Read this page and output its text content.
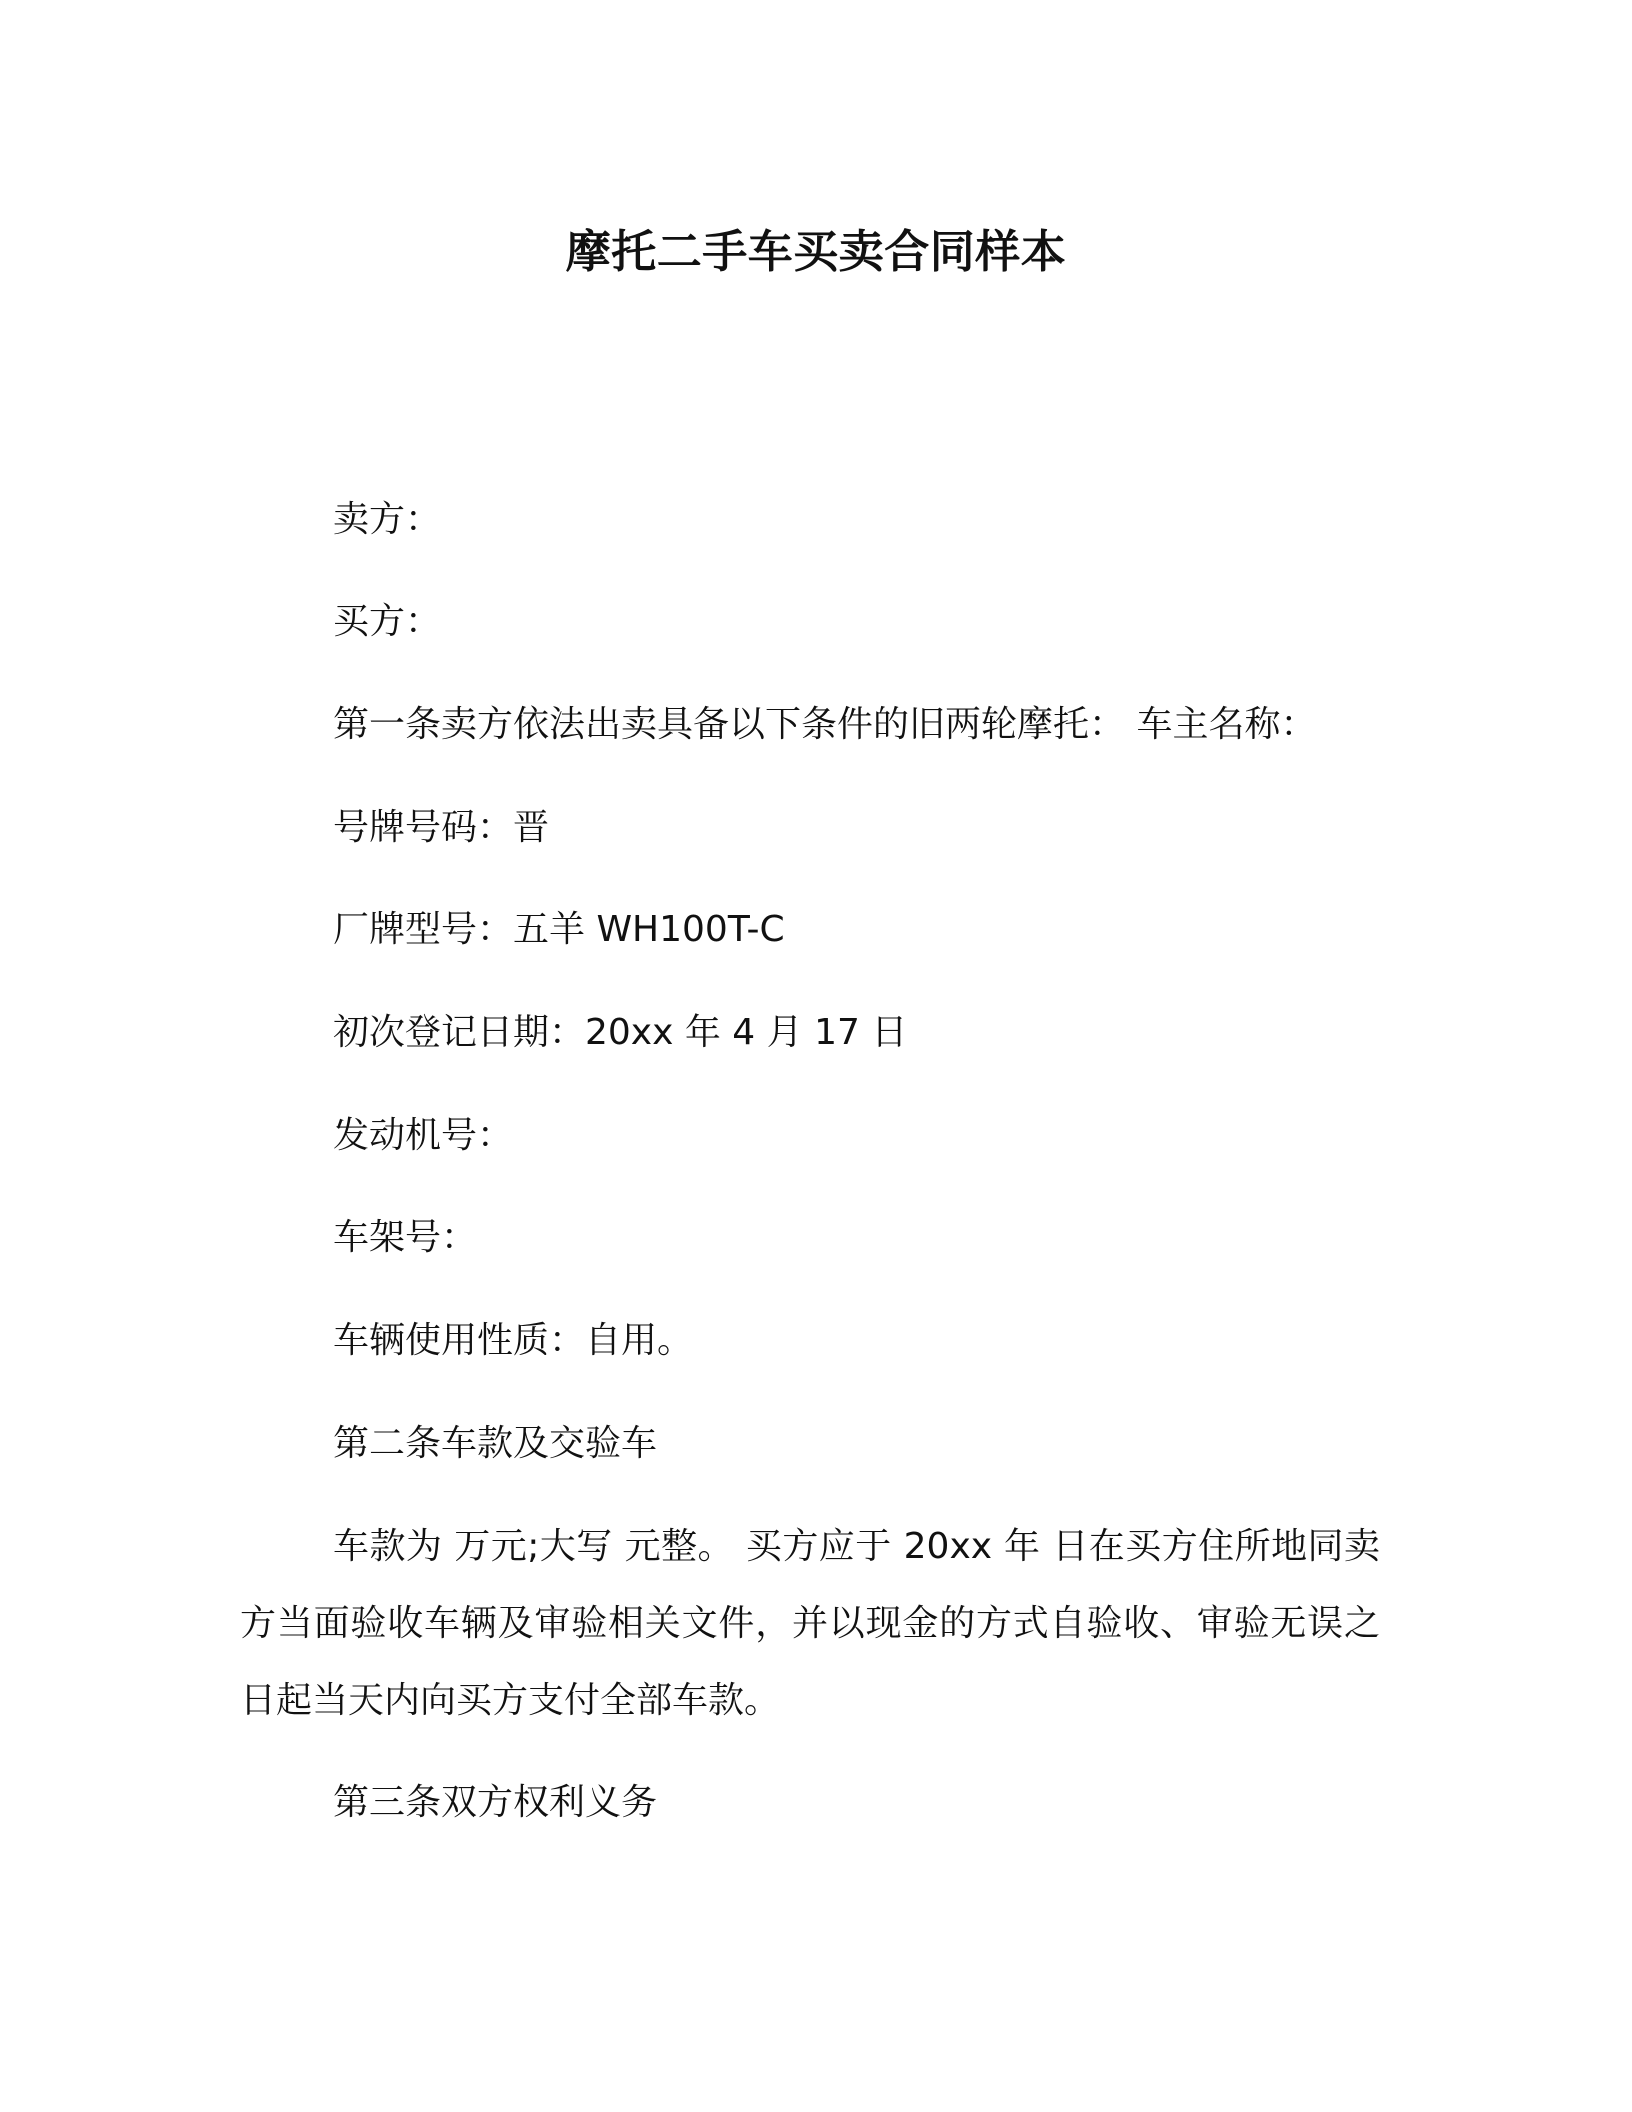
摩托二手车买卖合同样本
卖方：
买方：
第一条卖方依法出卖具备以下条件的旧两轮摩托： 车主名称：
号牌号码：晋
厂牌型号：五羊 WH100T-C
初次登记日期：20xx 年 4 月 17 日
发动机号：
车架号：
车辆使用性质：自用。
第二条车款及交验车
车款为 万元;大写 元整。 买方应于 20xx 年 日在买方住所地同卖方当面验收车辆及审验相关文件，并以现金的方式自验收、审验无误之日起当天内向买方支付全部车款。
第三条双方权利义务
